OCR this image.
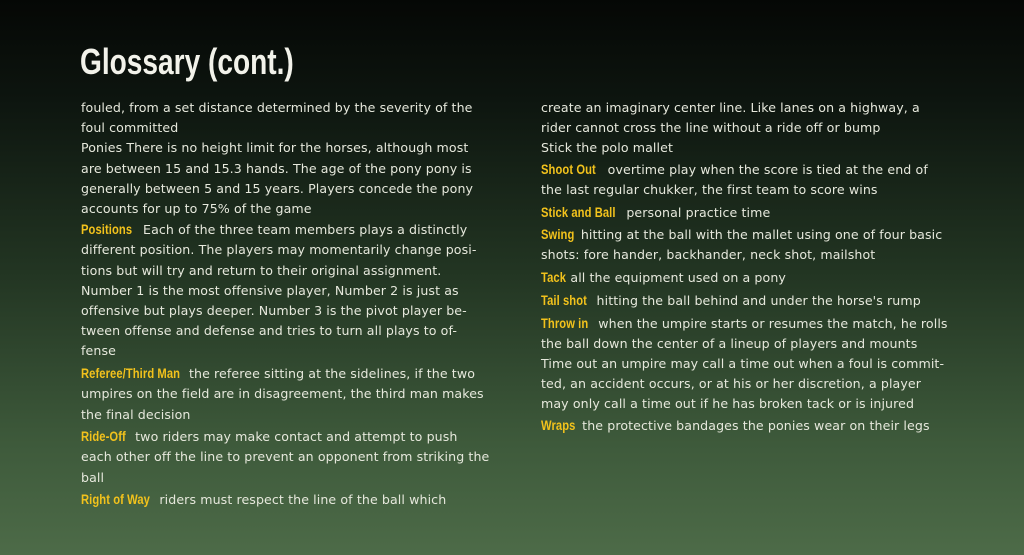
Glossary (cont.)

fouled, from a set distance determined by the severity of the foul committed

Ponies There is no height limit for the horses, although most are between 15 and 15.3 hands. The age of the pony pony is generally between 5 and 15 years. Players concede the pony accounts for up to 75% of the game

Positions Each of the three team members plays a distinctly different position. The players may momentarily change posi-tions but will try and return to their original assignment. Number 1 is the most offensive player, Number 2 is just as offensive but plays deeper. Number 3 is the pivot player be-tween offense and defense and tries to turn all plays to of-fense

Referee/Third Man the referee sitting at the sidelines, if the two umpires on the field are in disagreement, the third man makes the final decision

Ride-Off two riders may make contact and attempt to push each other off the line to prevent an opponent from striking the ball

Right of Way riders must respect the line of the ball which

create an imaginary center line. Like lanes on a highway, a rider cannot cross the line without a ride off or bump

Stick the polo mallet

Shoot Out overtime play when the score is tied at the end of the last regular chukker, the first team to score wins

Stick and Ball personal practice time

Swing hitting at the ball with the mallet using one of four basic shots: fore hander, backhander, neck shot, mailshot

Tack all the equipment used on a pony

Tail shot hitting the ball behind and under the horse's rump

Throw in when the umpire starts or resumes the match, he rolls the ball down the center of a lineup of players and mounts

Time out an umpire may call a time out when a foul is commit-ted, an accident occurs, or at his or her discretion, a player may only call a time out if he has broken tack or is injured

Wraps the protective bandages the ponies wear on their legs
